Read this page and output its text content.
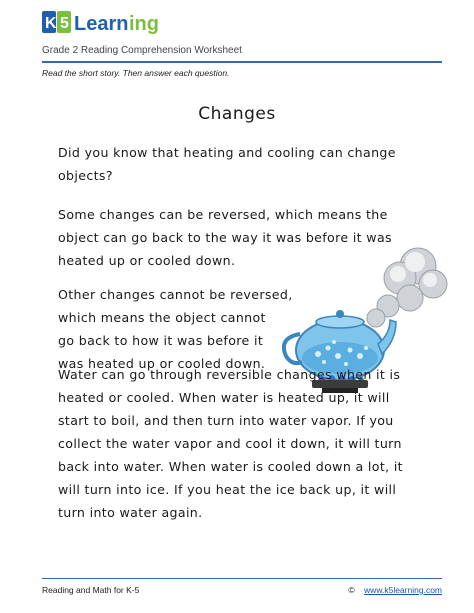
K 5 Learn ing
Grade 2 Reading Comprehension Worksheet
Read the short story. Then answer each question.
Changes
Did you know that heating and cooling can change
objects?
Some changes can be reversed, which means the
object can go back to the way it was before it was
heated up or cooled down.
Other changes cannot be reversed,
which means the object cannot
go back to how it was before it
was heated up or cooled down.
Water can go through reversible changes when it is
heated or cooled. When water is heated up, it will
start to boil, and then turn into water vapor. If you
collect the water vapor and cool it down, it will turn
back into water. When water is cooled down a lot, it
will turn into ice. If you heat the ice back up, it will
turn into water again.
Reading and Math for K-5	© www.k5learning.com
